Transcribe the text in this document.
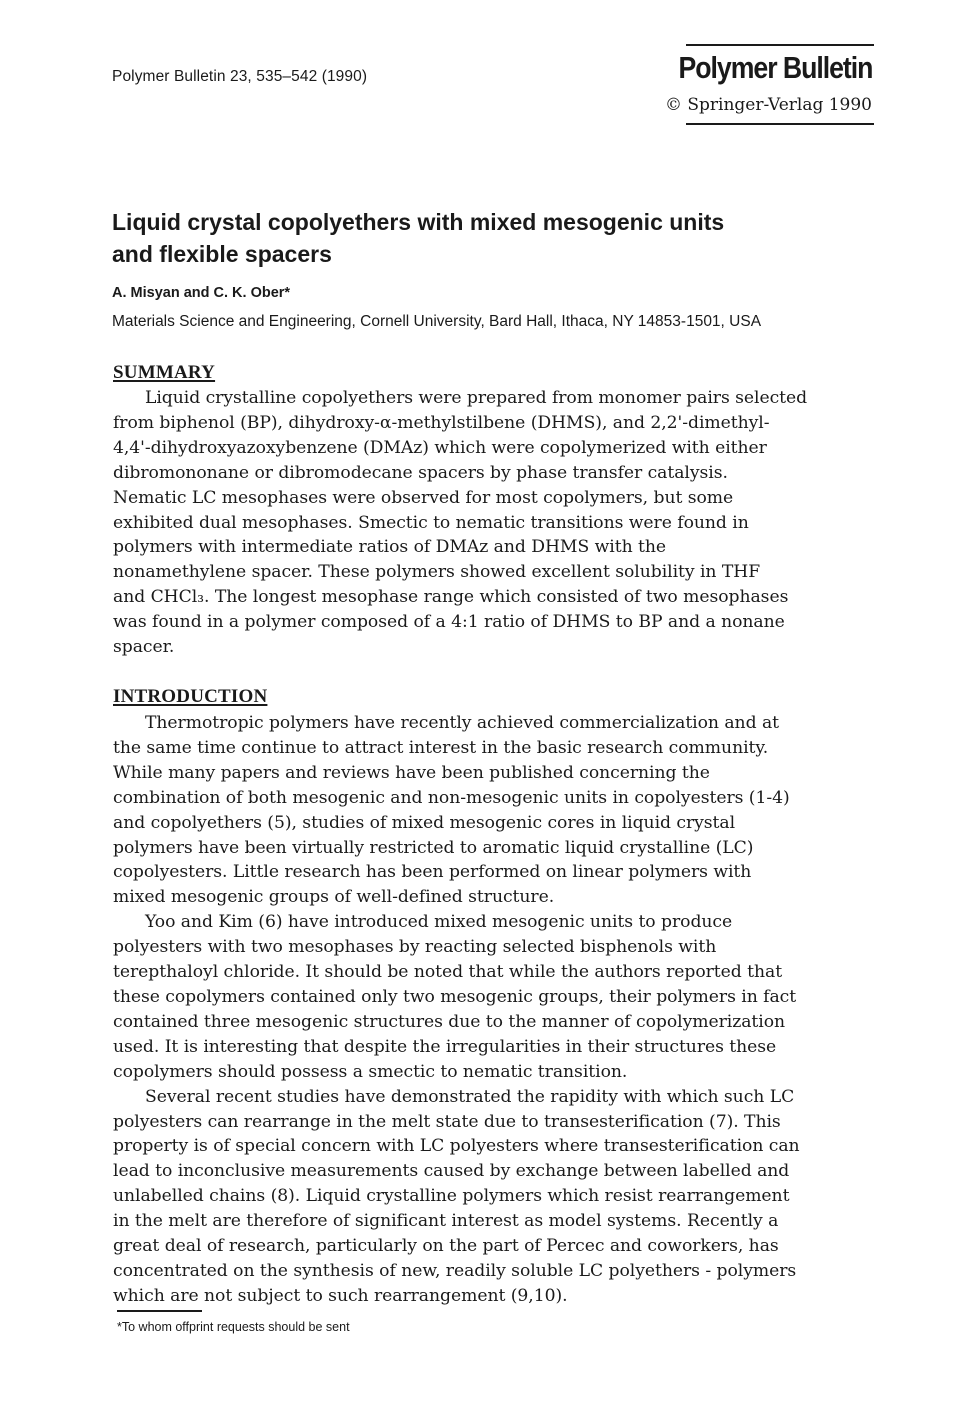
Polymer Bulletin 23, 535–542 (1990)	Polymer Bulletin
© Springer-Verlag 1990
Liquid crystal copolyethers with mixed mesogenic units
and flexible spacers
A. Misyan and C. K. Ober*
Materials Science and Engineering, Cornell University, Bard Hall, Ithaca, NY 14853-1501, USA
SUMMARY
Liquid crystalline copolyethers were prepared from monomer pairs selected
from biphenol (BP), dihydroxy-α-methylstilbene (DHMS), and 2,2'-dimethyl-
4,4'-dihydroxyazoxybenzene (DMAz) which were copolymerized with either
dibromononane or dibromodecane spacers by phase transfer catalysis.
Nematic LC mesophases were observed for most copolymers, but some
exhibited dual mesophases. Smectic to nematic transitions were found in
polymers with intermediate ratios of DMAz and DHMS with the
nonamethylene spacer. These polymers showed excellent solubility in THF
and CHCl₃. The longest mesophase range which consisted of two mesophases
was found in a polymer composed of a 4:1 ratio of DHMS to BP and a nonane
spacer.
INTRODUCTION
Thermotropic polymers have recently achieved commercialization and at
the same time continue to attract interest in the basic research community.
While many papers and reviews have been published concerning the
combination of both mesogenic and non-mesogenic units in copolyesters (1-4)
and copolyethers (5), studies of mixed mesogenic cores in liquid crystal
polymers have been virtually restricted to aromatic liquid crystalline (LC)
copolyesters. Little research has been performed on linear polymers with
mixed mesogenic groups of well-defined structure.
Yoo and Kim (6) have introduced mixed mesogenic units to produce
polyesters with two mesophases by reacting selected bisphenols with
terepthaloyl chloride. It should be noted that while the authors reported that
these copolymers contained only two mesogenic groups, their polymers in fact
contained three mesogenic structures due to the manner of copolymerization
used. It is interesting that despite the irregularities in their structures these
copolymers should possess a smectic to nematic transition.
Several recent studies have demonstrated the rapidity with which such LC
polyesters can rearrange in the melt state due to transesterification (7). This
property is of special concern with LC polyesters where transesterification can
lead to inconclusive measurements caused by exchange between labelled and
unlabelled chains (8). Liquid crystalline polymers which resist rearrangement
in the melt are therefore of significant interest as model systems. Recently a
great deal of research, particularly on the part of Percec and coworkers, has
concentrated on the synthesis of new, readily soluble LC polyethers - polymers
which are not subject to such rearrangement (9,10).
*To whom offprint requests should be sent
